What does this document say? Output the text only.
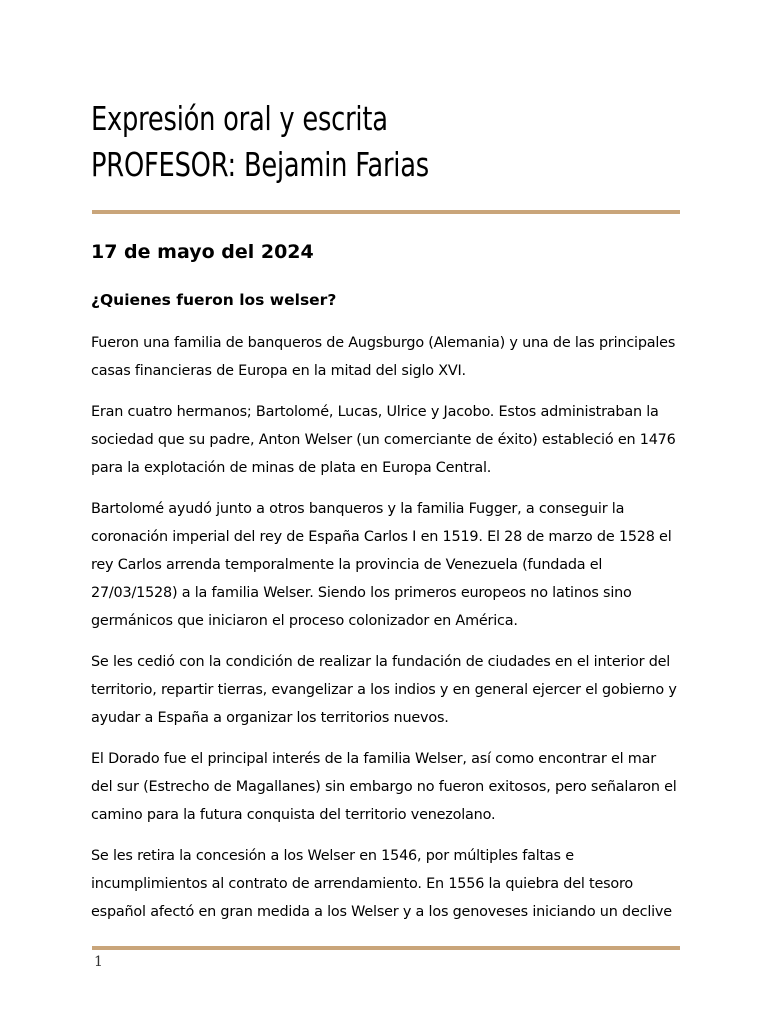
Expresión oral y escrita
PROFESOR: Bejamin Farias
17 de mayo del 2024
¿Quienes fueron los welser?

Fueron una familia de banqueros de Augsburgo (Alemania) y una de las principales casas financieras de Europa en la mitad del siglo XVI.

Eran cuatro hermanos; Bartolomé, Lucas, Ulrice y Jacobo. Estos administraban la sociedad que su padre, Anton Welser (un comerciante de éxito) estableció en 1476 para la explotación de minas de plata en Europa Central.

Bartolomé ayudó junto a otros banqueros y la familia Fugger, a conseguir la coronación imperial del rey de España Carlos I en 1519. El 28 de marzo de 1528 el rey Carlos arrenda temporalmente la provincia de Venezuela (fundada el 27/03/1528) a la familia Welser. Siendo los primeros europeos no latinos sino germánicos que iniciaron el proceso colonizador en América.

Se les cedió con la condición de realizar la fundación de ciudades en el interior del territorio, repartir tierras, evangelizar a los indios y en general ejercer el gobierno y ayudar a España a organizar los territorios nuevos.

El Dorado fue el principal interés de la familia Welser, así como encontrar el mar del sur (Estrecho de Magallanes) sin embargo no fueron exitosos, pero señalaron el camino para la futura conquista del territorio venezolano.

Se les retira la concesión a los Welser en 1546, por múltiples faltas e incumplimientos al contrato de arrendamiento. En 1556 la quiebra del tesoro español afectó en gran medida a los Welser y a los genoveses iniciando un declive

1
